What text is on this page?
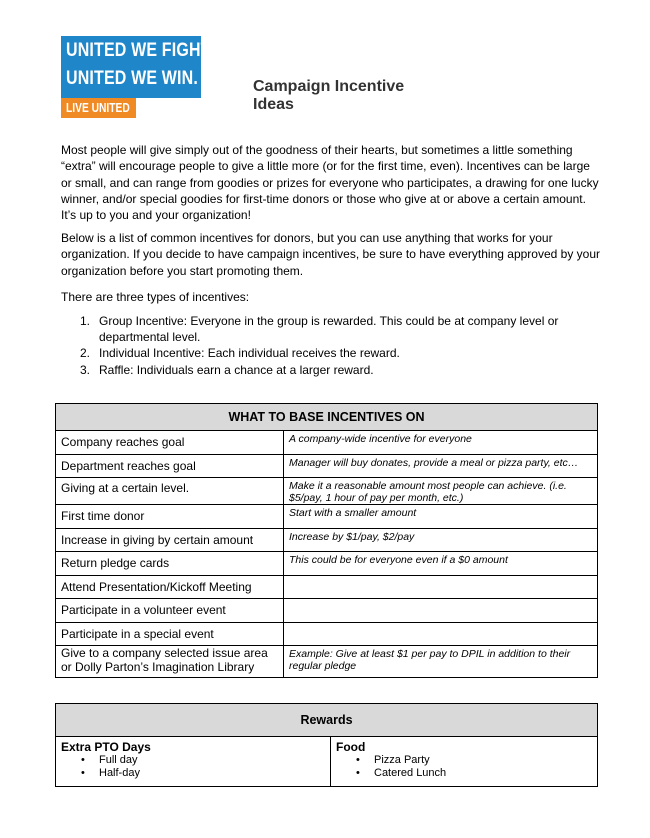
UNITED WE FIGHT.
UNITED WE WIN.
LIVE UNITED
Campaign Incentive
Ideas
Most people will give simply out of the goodness of their hearts, but sometimes a little something “extra” will encourage people to give a little more (or for the first time, even). Incentives can be large or small, and can range from goodies or prizes for everyone who participates, a drawing for one lucky winner, and/or special goodies for first-time donors or those who give at or above a certain amount. It’s up to you and your organization!
Below is a list of common incentives for donors, but you can use anything that works for your organization. If you decide to have campaign incentives, be sure to have everything approved by your organization before you start promoting them.
There are three types of incentives:
1. Group Incentive: Everyone in the group is rewarded. This could be at company level or departmental level.
2. Individual Incentive: Each individual receives the reward.
3. Raffle: Individuals earn a chance at a larger reward.
WHAT TO BASE INCENTIVES ON	
Company reaches goal	A company-wide incentive for everyone
Department reaches goal	Manager will buy donates, provide a meal or pizza party, etc…
Giving at a certain level.	Make it a reasonable amount most people can achieve. (i.e. $5/pay, 1 hour of pay per month, etc.)
First time donor	Start with a smaller amount
Increase in giving by certain amount	Increase by $1/pay, $2/pay
Return pledge cards	This could be for everyone even if a $0 amount
Attend Presentation/Kickoff Meeting	
Participate in a volunteer event	
Participate in a special event	
Give to a company selected issue area or Dolly Parton’s Imagination Library	Example: Give at least $1 per pay to DPIL in addition to their regular pledge
Rewards

Extra PTO Days
• Full day
• Half-day

Food
• Pizza Party
• Catered Lunch
